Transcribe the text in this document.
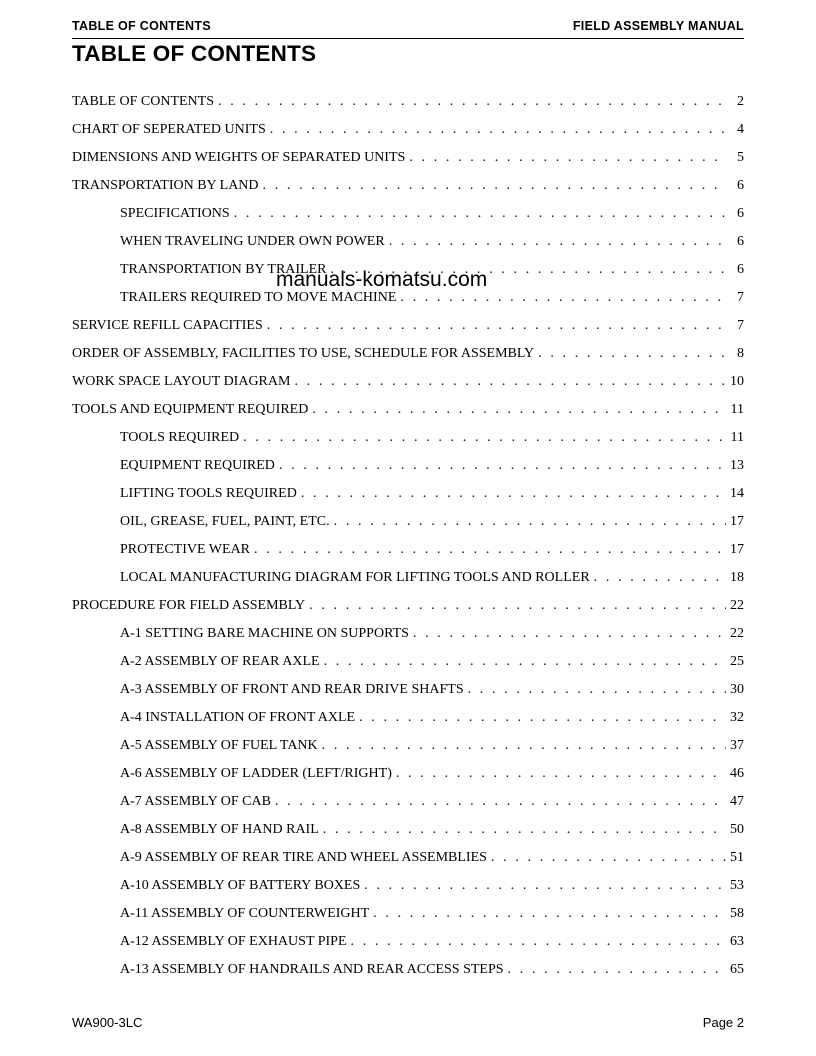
TABLE OF CONTENTS	FIELD ASSEMBLY MANUAL
TABLE OF CONTENTS
TABLE OF CONTENTS . . .	2
CHART OF SEPERATED UNITS . . .	4
DIMENSIONS AND WEIGHTS OF SEPARATED UNITS . . .	5
TRANSPORTATION BY LAND . . .	6
SPECIFICATIONS . . .	6
WHEN TRAVELING UNDER OWN POWER . . .	6
TRANSPORTATION BY TRAILER . . .	6
TRAILERS REQUIRED TO MOVE MACHINE . . .	7
SERVICE REFILL CAPACITIES . . .	7
ORDER OF ASSEMBLY, FACILITIES TO USE, SCHEDULE FOR ASSEMBLY . . .	8
WORK SPACE LAYOUT DIAGRAM . . .	10
TOOLS AND EQUIPMENT REQUIRED . . .	11
TOOLS REQUIRED . . .	11
EQUIPMENT REQUIRED . . .	13
LIFTING TOOLS REQUIRED . . .	14
OIL, GREASE, FUEL, PAINT, ETC. . . .	17
PROTECTIVE WEAR . . .	17
LOCAL MANUFACTURING DIAGRAM FOR LIFTING TOOLS AND ROLLER . . .	18
PROCEDURE FOR FIELD ASSEMBLY . . .	22
A-1 SETTING BARE MACHINE ON SUPPORTS . . .	22
A-2 ASSEMBLY OF REAR AXLE . . .	25
A-3 ASSEMBLY OF FRONT AND REAR DRIVE SHAFTS . . .	30
A-4 INSTALLATION OF FRONT AXLE . . .	32
A-5 ASSEMBLY OF FUEL TANK . . .	37
A-6 ASSEMBLY OF LADDER (LEFT/RIGHT) . . .	46
A-7 ASSEMBLY OF CAB . . .	47
A-8 ASSEMBLY OF HAND RAIL . . .	50
A-9 ASSEMBLY OF REAR TIRE AND WHEEL ASSEMBLIES . . .	51
A-10 ASSEMBLY OF BATTERY BOXES . . .	53
A-11 ASSEMBLY OF COUNTERWEIGHT . . .	58
A-12 ASSEMBLY OF EXHAUST PIPE . . .	63
A-13 ASSEMBLY OF HANDRAILS AND REAR ACCESS STEPS . . .	65
manuals-komatsu.com
WA900-3LC	Page 2
